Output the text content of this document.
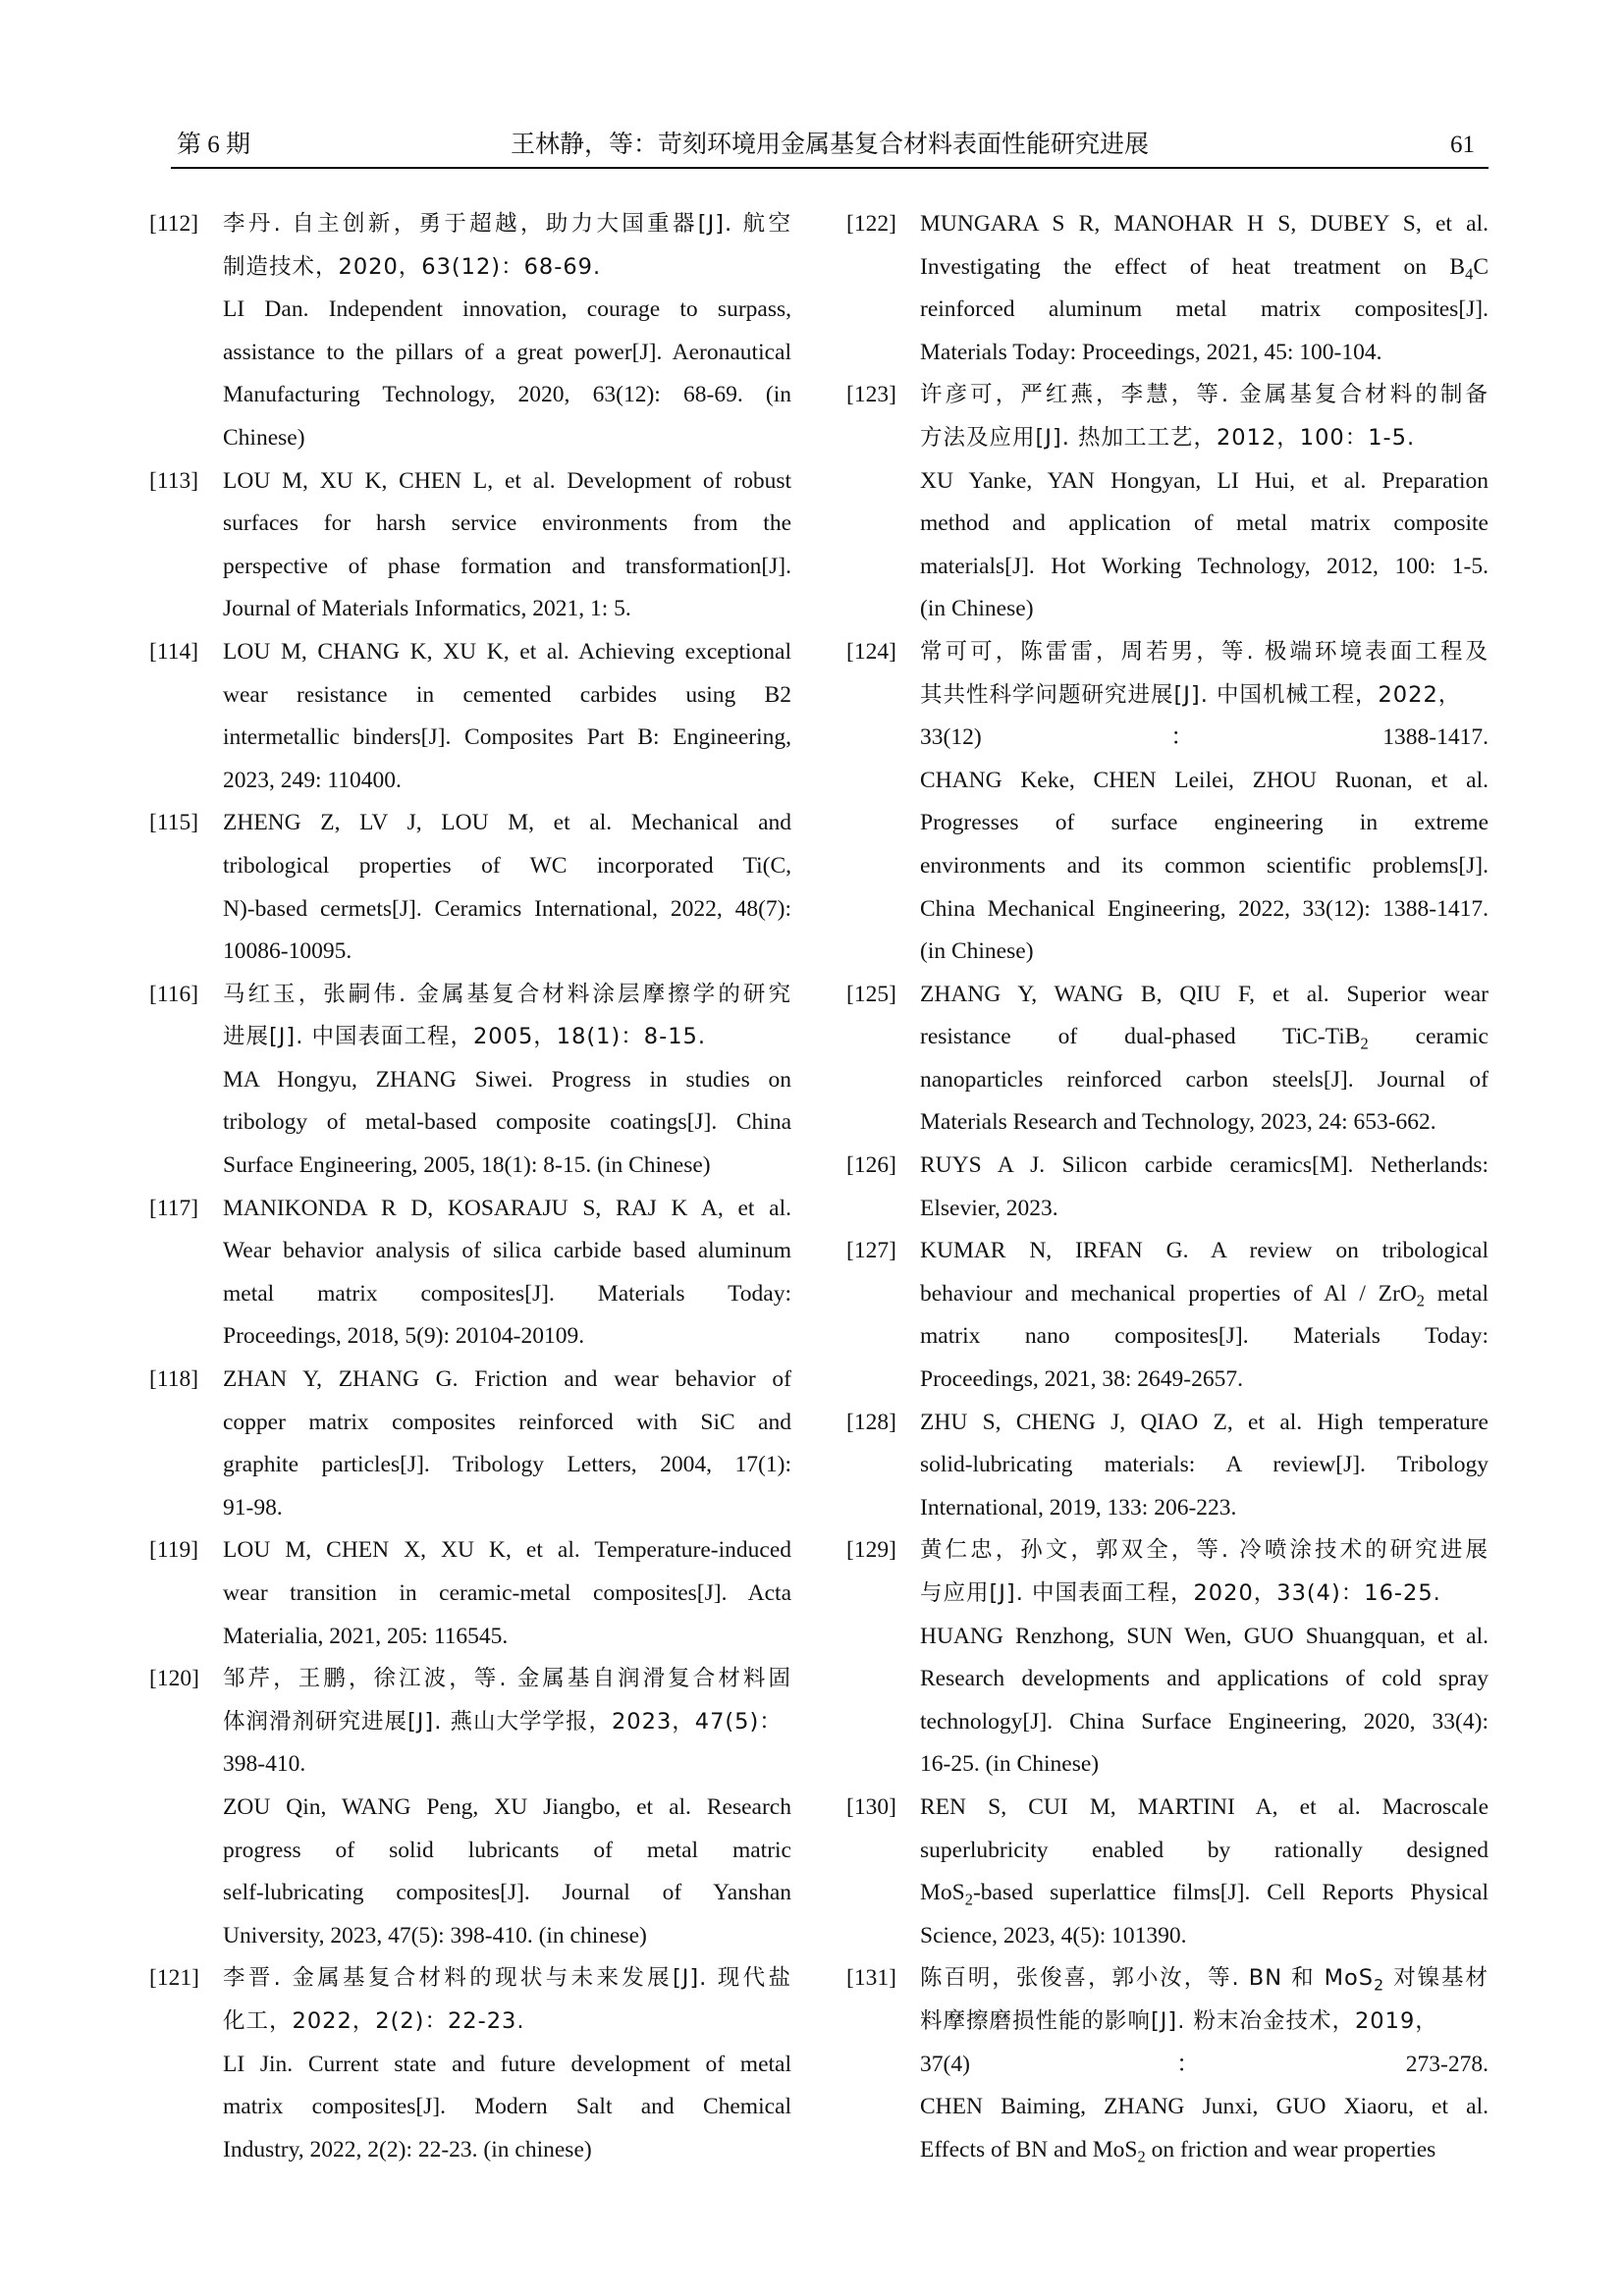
第 6 期	王林静，等：苛刻环境用金属基复合材料表面性能研究进展	61
[112] 李丹. 自主创新，勇于超越，助力大国重器[J]. 航空
制造技术，2020，63(12)：68-69.
LI Dan. Independent innovation, courage to surpass,
assistance to the pillars of a great power[J]. Aeronautical
Manufacturing Technology, 2020, 63(12): 68-69. (in
Chinese)
[113] LOU M, XU K, CHEN L, et al. Development of robust
surfaces for harsh service environments from the
perspective of phase formation and transformation[J].
Journal of Materials Informatics, 2021, 1: 5.
[114] LOU M, CHANG K, XU K, et al. Achieving exceptional
wear resistance in cemented carbides using B2
intermetallic binders[J]. Composites Part B: Engineering,
2023, 249: 110400.
[115] ZHENG Z, LV J, LOU M, et al. Mechanical and
tribological properties of WC incorporated Ti(C,
N)-based cermets[J]. Ceramics International, 2022, 48(7):
10086-10095.
[116] 马红玉，张嗣伟. 金属基复合材料涂层摩擦学的研究
进展[J]. 中国表面工程，2005，18(1)：8-15.
MA Hongyu, ZHANG Siwei. Progress in studies on
tribology of metal-based composite coatings[J]. China
Surface Engineering, 2005, 18(1): 8-15. (in Chinese)
[117] MANIKONDA R D, KOSARAJU S, RAJ K A, et al.
Wear behavior analysis of silica carbide based aluminum
metal matrix composites[J]. Materials Today:
Proceedings, 2018, 5(9): 20104-20109.
[118] ZHAN Y, ZHANG G. Friction and wear behavior of
copper matrix composites reinforced with SiC and
graphite particles[J]. Tribology Letters, 2004, 17(1):
91-98.
[119] LOU M, CHEN X, XU K, et al. Temperature-induced
wear transition in ceramic-metal composites[J]. Acta
Materialia, 2021, 205: 116545.
[120] 邹芹，王鹏，徐江波，等. 金属基自润滑复合材料固
体润滑剂研究进展[J]. 燕山大学学报，2023，47(5)：
398-410.
ZOU Qin, WANG Peng, XU Jiangbo, et al. Research
progress of solid lubricants of metal matric
self-lubricating composites[J]. Journal of Yanshan
University, 2023, 47(5): 398-410. (in chinese)
[121] 李晋. 金属基复合材料的现状与未来发展[J]. 现代盐
化工，2022，2(2)：22-23.
LI Jin. Current state and future development of metal
matrix composites[J]. Modern Salt and Chemical
Industry, 2022, 2(2): 22-23. (in chinese)
[122] MUNGARA S R, MANOHAR H S, DUBEY S, et al.
Investigating the effect of heat treatment on $B_4C$
reinforced aluminum metal matrix composites[J].
Materials Today: Proceedings, 2021, 45: 100-104.
[123] 许彦可，严红燕，李慧，等. 金属基复合材料的制备
方法及应用[J]. 热加工工艺，2012，100：1-5.
XU Yanke, YAN Hongyan, LI Hui, et al. Preparation
method and application of metal matrix composite
materials[J]. Hot Working Technology, 2012, 100: 1-5.
(in Chinese)
[124] 常可可，陈雷雷，周若男，等. 极端环境表面工程及
其共性科学问题研究进展[J]. 中国机械工程，2022，
33(12)：1388-1417.
CHANG Keke, CHEN Leilei, ZHOU Ruonan, et al.
Progresses of surface engineering in extreme
environments and its common scientific problems[J].
China Mechanical Engineering, 2022, 33(12): 1388-1417.
(in Chinese)
[125] ZHANG Y, WANG B, QIU F, et al. Superior wear
resistance of dual-phased TiC-TiB$_2$ ceramic
nanoparticles reinforced carbon steels[J]. Journal of
Materials Research and Technology, 2023, 24: 653-662.
[126] RUYS A J. Silicon carbide ceramics[M]. Netherlands:
Elsevier, 2023.
[127] KUMAR N, IRFAN G. A review on tribological
behaviour and mechanical properties of Al / ZrO$_2$ metal
matrix nano composites[J]. Materials Today:
Proceedings, 2021, 38: 2649-2657.
[128] ZHU S, CHENG J, QIAO Z, et al. High temperature
solid-lubricating materials: A review[J]. Tribology
International, 2019, 133: 206-223.
[129] 黄仁忠，孙文，郭双全，等. 冷喷涂技术的研究进展
与应用[J]. 中国表面工程，2020，33(4)：16-25.
HUANG Renzhong, SUN Wen, GUO Shuangquan, et al.
Research developments and applications of cold spray
technology[J]. China Surface Engineering, 2020, 33(4):
16-25. (in Chinese)
[130] REN S, CUI M, MARTINI A, et al. Macroscale
superlubricity enabled by rationally designed
MoS$_2$-based superlattice films[J]. Cell Reports Physical
Science, 2023, 4(5): 101390.
[131] 陈百明，张俊喜，郭小汝，等. BN 和 MoS$_2$ 对镍基材
料摩擦磨损性能的影响[J]. 粉末冶金技术，2019，
37(4)：273-278.
CHEN Baiming, ZHANG Junxi, GUO Xiaoru, et al.
Effects of BN and MoS$_2$ on friction and wear properties
